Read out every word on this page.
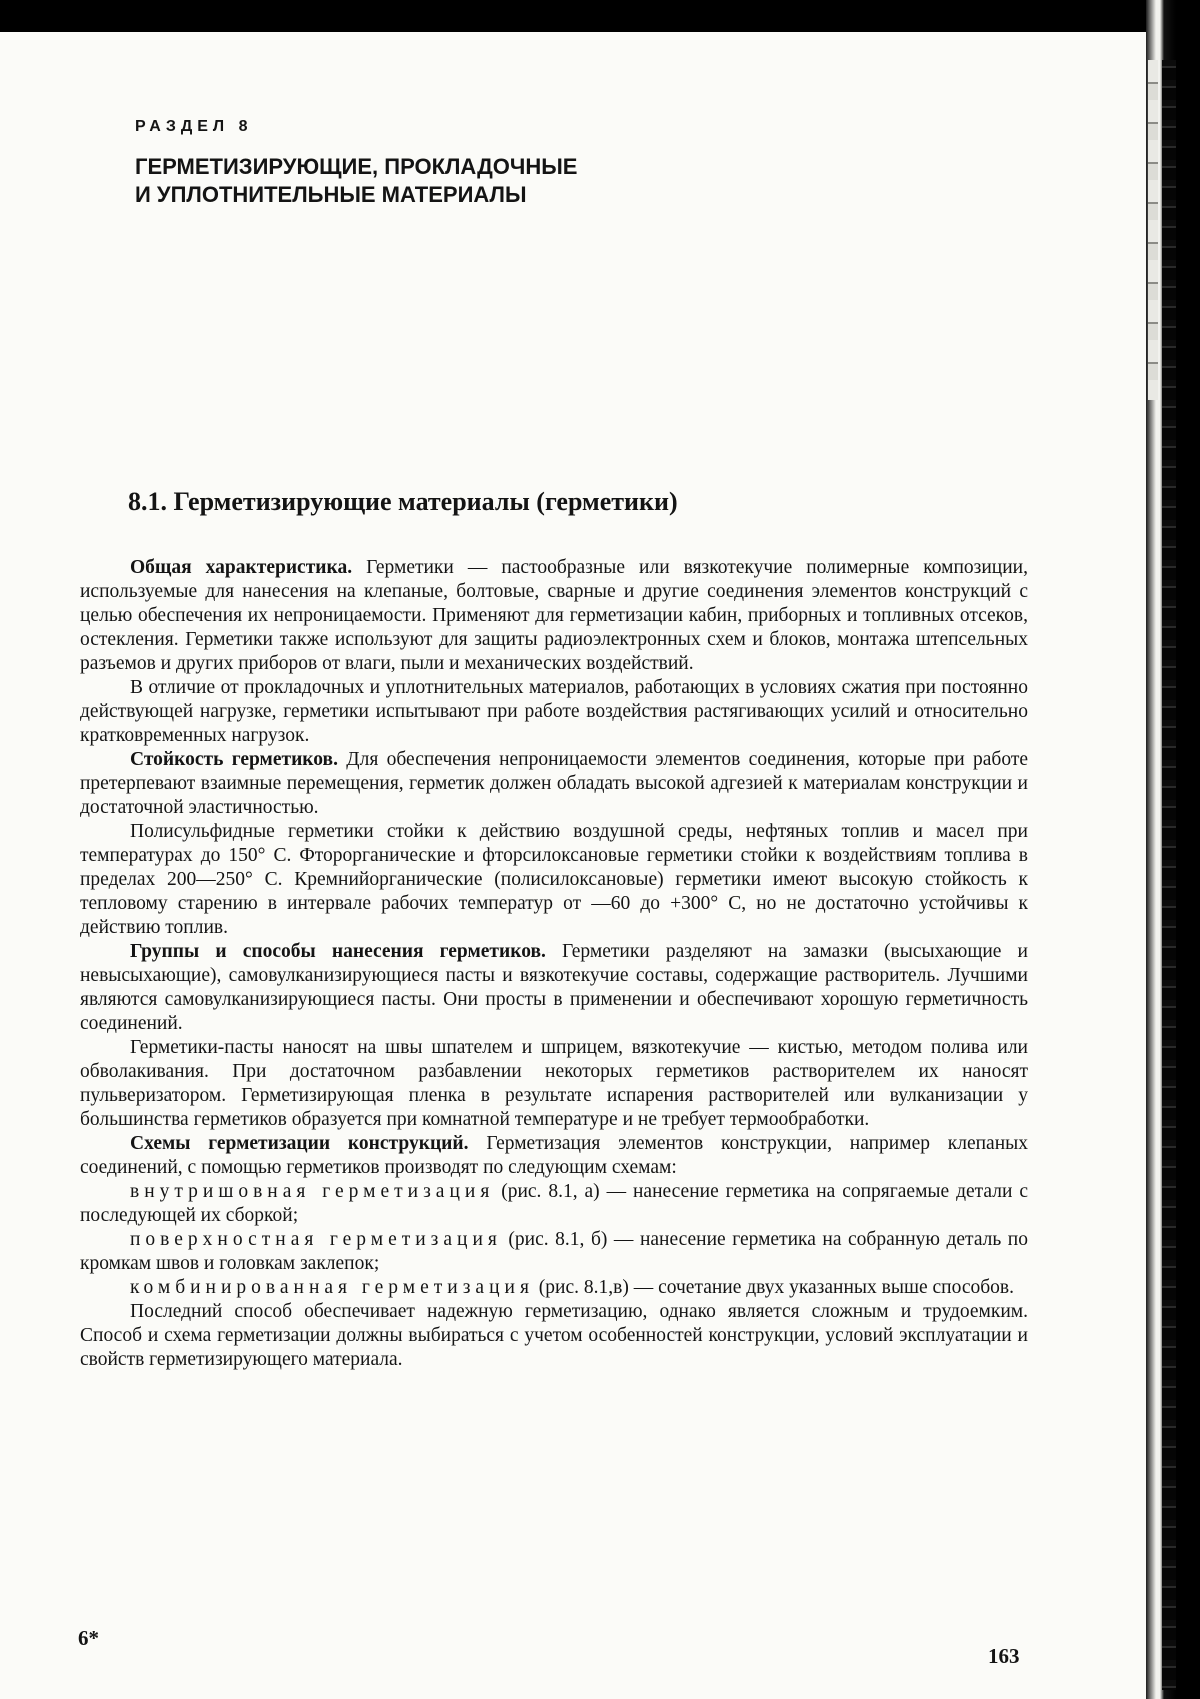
РАЗДЕЛ 8
ГЕРМЕТИЗИРУЮЩИЕ, ПРОКЛАДОЧНЫЕ
И УПЛОТНИТЕЛЬНЫЕ МАТЕРИАЛЫ
8.1. Герметизирующие материалы (герметики)

Общая характеристика. Герметики — пастообразные или вязкотекучие полимерные композиции, используемые для нанесения на клепаные, болтовые, сварные и другие соединения элементов конструкций с целью обеспечения их непроницаемости. Применяют для герметизации кабин, приборных и топливных отсеков, остекления. Герметики также используют для защиты радиоэлектронных схем и блоков, монтажа штепсельных разъемов и других приборов от влаги, пыли и механических воздействий.

В отличие от прокладочных и уплотнительных материалов, работающих в условиях сжатия при постоянно действующей нагрузке, герметики испытывают при работе воздействия растягивающих усилий и относительно кратковременных нагрузок.

Стойкость герметиков. Для обеспечения непроницаемости элементов соединения, которые при работе претерпевают взаимные перемещения, герметик должен обладать высокой адгезией к материалам конструкции и достаточной эластичностью.

Полисульфидные герметики стойки к действию воздушной среды, нефтяных топлив и масел при температурах до 150° С. Фторорганические и фторсилоксановые герметики стойки к воздействиям топлива в пределах 200—250° С. Кремнийорганические (полисилоксановые) герметики имеют высокую стойкость к тепловому старению в интервале рабочих температур от —60 до +300° С, но не достаточно устойчивы к действию топлив.

Группы и способы нанесения герметиков. Герметики разделяют на замазки (высыхающие и невысыхающие), самовулканизирующиеся пасты и вязкотекучие составы, содержащие растворитель. Лучшими являются самовулканизирующиеся пасты. Они просты в применении и обеспечивают хорошую герметичность соединений.

Герметики-пасты наносят на швы шпателем и шприцем, вязкотекучие — кистью, методом полива или обволакивания. При достаточном разбавлении некоторых герметиков растворителем их наносят пульверизатором. Герметизирующая пленка в результате испарения растворителей или вулканизации у большинства герметиков образуется при комнатной температуре и не требует термообработки.

Схемы герметизации конструкций. Герметизация элементов конструкции, например клепаных соединений, с помощью герметиков производят по следующим схемам:

внутришовная герметизация (рис. 8.1, а) — нанесение герметика на сопрягаемые детали с последующей их сборкой;

поверхностная герметизация (рис. 8.1, б) — нанесение герметика на собранную деталь по кромкам швов и головкам заклепок;

комбинированная герметизация (рис. 8.1,в) — сочетание двух указанных выше способов.

Последний способ обеспечивает надежную герметизацию, однако является сложным и трудоемким. Способ и схема герметизации должны выбираться с учетом особенностей конструкции, условий эксплуатации и свойств герметизирующего материала.

6*
163
